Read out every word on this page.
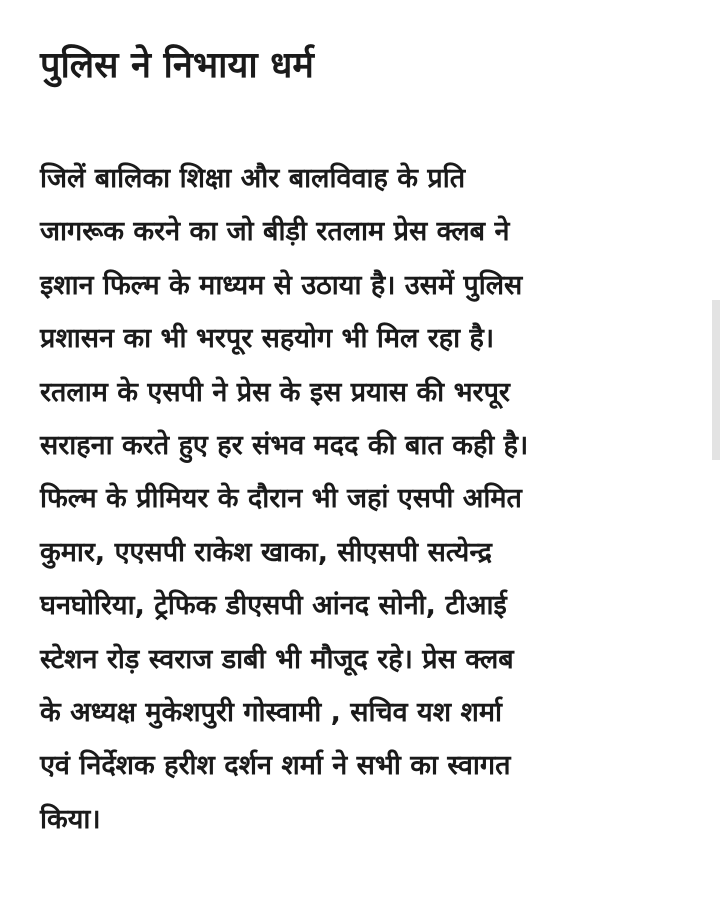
पुलिस ने निभाया धर्म
जिलें बालिका शिक्षा और बालविवाह के प्रति
जागरूक करने का जो बीड़ी रतलाम प्रेस क्लब ने
इशान फिल्म के माध्यम से उठाया है। उसमें पुलिस
प्रशासन का भी भरपूर सहयोग भी मिल रहा है।
रतलाम के एसपी ने प्रेस के इस प्रयास की भरपूर
सराहना करते हुए हर संभव मदद की बात कही है।
फिल्म के प्रीमियर के दौरान भी जहां एसपी अमित
कुमार, एएसपी राकेश खाका, सीएसपी सत्येन्द्र
घनघोरिया, ट्रेफिक डीएसपी आंनद सोनी, टीआई
स्टेशन रोड़ स्वराज डाबी भी मौजूद रहे। प्रेस क्लब
के अध्यक्ष मुकेशपुरी गोस्वामी , सचिव यश शर्मा
एवं निर्देशक हरीश दर्शन शर्मा ने सभी का स्वागत
किया।
